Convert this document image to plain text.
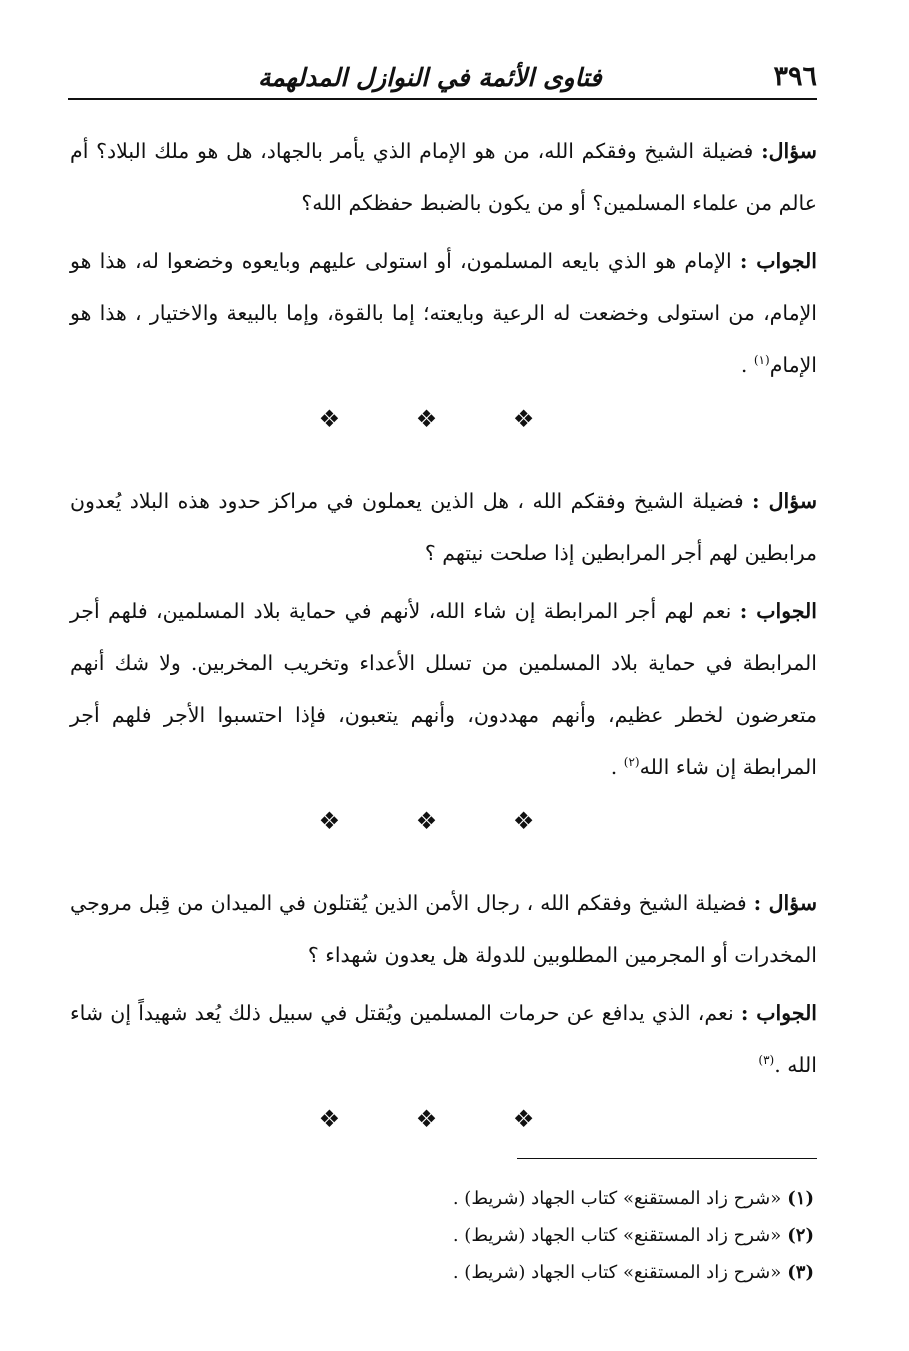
٣٩٦
فتاوى الأئمة في النوازل المدلهمة

سؤال: فضيلة الشيخ وفقكم الله، من هو الإمام الذي يأمر بالجهاد، هل هو ملك البلاد؟ أم عالم من علماء المسلمين؟ أو من يكون بالضبط حفظكم الله؟

الجواب : الإمام هو الذي بايعه المسلمون، أو استولى عليهم وبايعوه وخضعوا له، هذا هو الإمام، من استولى وخضعت له الرعية وبايعته؛ إما بالقوة، وإما بالبيعة والاختيار ، هذا هو الإمام$^{(١)}$ .

❖ ❖ ❖

سؤال : فضيلة الشيخ وفقكم الله ، هل الذين يعملون في مراكز حدود هذه البلاد يُعدون مرابطين لهم أجر المرابطين إذا صلحت نيتهم ؟

الجواب : نعم لهم أجر المرابطة إن شاء الله، لأنهم في حماية بلاد المسلمين، فلهم أجر المرابطة في حماية بلاد المسلمين من تسلل الأعداء وتخريب المخربين. ولا شك أنهم متعرضون لخطر عظيم، وأنهم مهددون، وأنهم يتعبون، فإذا احتسبوا الأجر فلهم أجر المرابطة إن شاء الله$^{(٢)}$ .

❖ ❖ ❖

سؤال : فضيلة الشيخ وفقكم الله ، رجال الأمن الذين يُقتلون في الميدان من قِبل مروجي المخدرات أو المجرمين المطلوبين للدولة هل يعدون شهداء ؟

الجواب : نعم، الذي يدافع عن حرمات المسلمين ويُقتل في سبيل ذلك يُعد شهيداً إن شاء الله .$^{(٣)}$

❖ ❖ ❖

(١)«شرح زاد المستقنع» كتاب الجهاد (شريط) .

(٢)«شرح زاد المستقنع» كتاب الجهاد (شريط) .

(٣)«شرح زاد المستقنع» كتاب الجهاد (شريط) .
